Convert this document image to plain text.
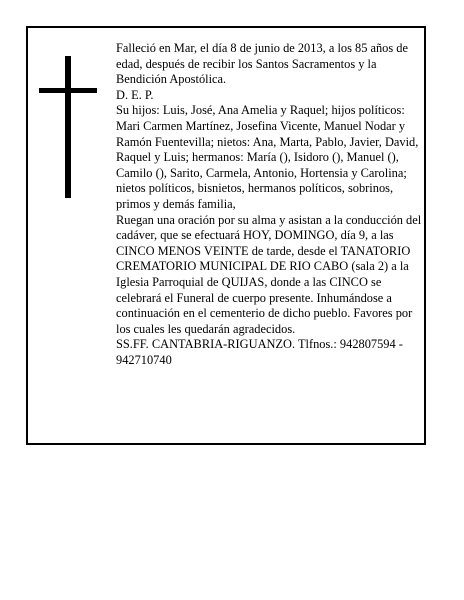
Falleció en Mar, el día 8 de junio de 2013, a los 85 años de edad, después de recibir los Santos Sacramentos y la Bendición Apostólica.

D. E. P.

Su hijos: Luis, José, Ana Amelia y Raquel; hijos políticos: Mari Carmen Martínez, Josefina Vicente, Manuel Nodar y Ramón Fuentevilla; nietos: Ana, Marta, Pablo, Javier, David, Raquel y Luis; hermanos: María (), Isidoro (), Manuel (), Camilo (), Sarito, Carmela, Antonio, Hortensia y Carolina; nietos políticos, bisnietos, hermanos políticos, sobrinos, primos y demás familia,

Ruegan una oración por su alma y asistan a la conducción del cadáver, que se efectuará HOY, DOMINGO, día 9, a las CINCO MENOS VEINTE de tarde, desde el TANATORIO CREMATORIO MUNICIPAL DE RIO CABO (sala 2) a la Iglesia Parroquial de QUIJAS, donde a las CINCO se celebrará el Funeral de cuerpo presente. Inhumándose a continuación en el cementerio de dicho pueblo. Favores por los cuales les quedarán agradecidos.

SS.FF. CANTABRIA-RIGUANZO. Tlfnos.: 942807594 - 942710740
